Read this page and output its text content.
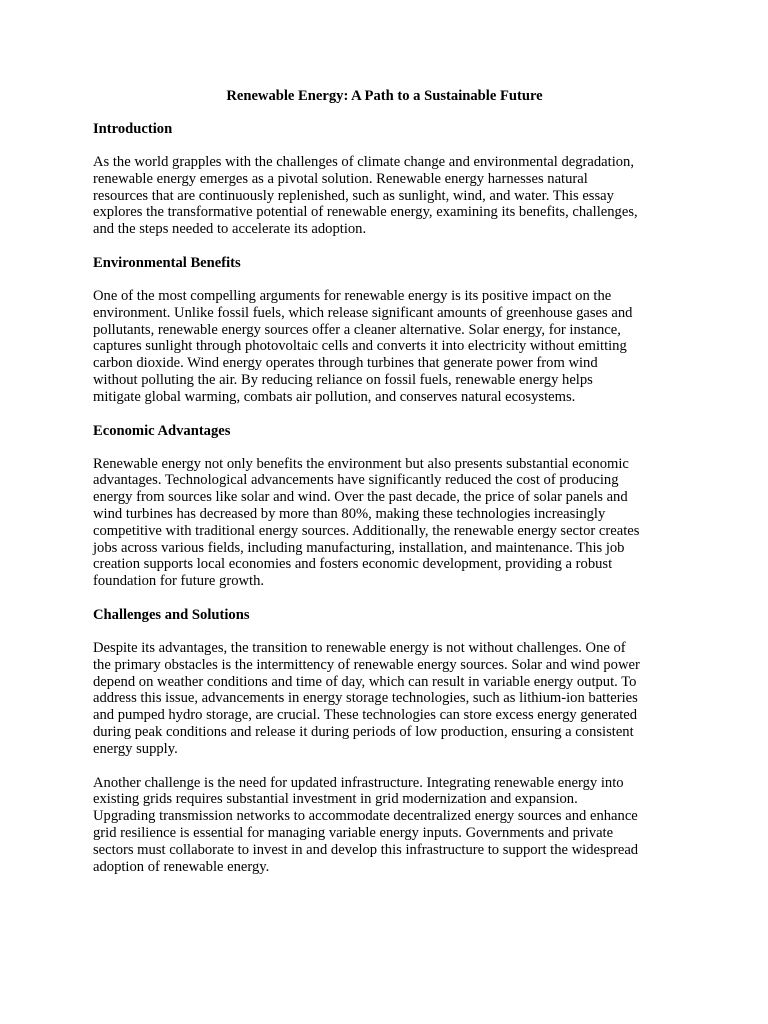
Renewable Energy: A Path to a Sustainable Future
Introduction

As the world grapples with the challenges of climate change and environmental degradation,
renewable energy emerges as a pivotal solution. Renewable energy harnesses natural
resources that are continuously replenished, such as sunlight, wind, and water. This essay
explores the transformative potential of renewable energy, examining its benefits, challenges,
and the steps needed to accelerate its adoption.

Environmental Benefits

One of the most compelling arguments for renewable energy is its positive impact on the
environment. Unlike fossil fuels, which release significant amounts of greenhouse gases and
pollutants, renewable energy sources offer a cleaner alternative. Solar energy, for instance,
captures sunlight through photovoltaic cells and converts it into electricity without emitting
carbon dioxide. Wind energy operates through turbines that generate power from wind
without polluting the air. By reducing reliance on fossil fuels, renewable energy helps
mitigate global warming, combats air pollution, and conserves natural ecosystems.

Economic Advantages

Renewable energy not only benefits the environment but also presents substantial economic
advantages. Technological advancements have significantly reduced the cost of producing
energy from sources like solar and wind. Over the past decade, the price of solar panels and
wind turbines has decreased by more than 80%, making these technologies increasingly
competitive with traditional energy sources. Additionally, the renewable energy sector creates
jobs across various fields, including manufacturing, installation, and maintenance. This job
creation supports local economies and fosters economic development, providing a robust
foundation for future growth.

Challenges and Solutions

Despite its advantages, the transition to renewable energy is not without challenges. One of
the primary obstacles is the intermittency of renewable energy sources. Solar and wind power
depend on weather conditions and time of day, which can result in variable energy output. To
address this issue, advancements in energy storage technologies, such as lithium-ion batteries
and pumped hydro storage, are crucial. These technologies can store excess energy generated
during peak conditions and release it during periods of low production, ensuring a consistent
energy supply.

Another challenge is the need for updated infrastructure. Integrating renewable energy into
existing grids requires substantial investment in grid modernization and expansion.
Upgrading transmission networks to accommodate decentralized energy sources and enhance
grid resilience is essential for managing variable energy inputs. Governments and private
sectors must collaborate to invest in and develop this infrastructure to support the widespread
adoption of renewable energy.
